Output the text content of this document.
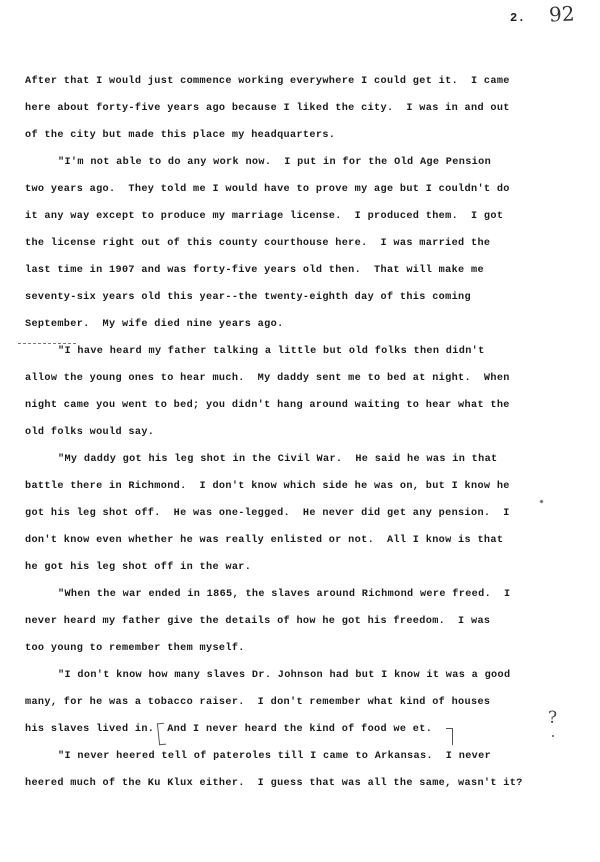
2. 92
After that I would just commence working everywhere I could get it.  I came
here about forty-five years ago because I liked the city.  I was in and out
of the city but made this place my headquarters.
"I'm not able to do any work now.  I put in for the Old Age Pension
two years ago.  They told me I would have to prove my age but I couldn't do
it any way except to produce my marriage license.  I produced them.  I got
the license right out of this county courthouse here.  I was married the
last time in 1907 and was forty-five years old then.  That will make me
seventy-six years old this year--the twenty-eighth day of this coming
September.  My wife died nine years ago.
"I have heard my father talking a little but old folks then didn't
allow the young ones to hear much.  My daddy sent me to bed at night.  When
night came you went to bed; you didn't hang around waiting to hear what the
old folks would say.
"My daddy got his leg shot in the Civil War.  He said he was in that
battle there in Richmond.  I don't know which side he was on, but I know he
got his leg shot off.  He was one-legged.  He never did get any pension.  I
don't know even whether he was really enlisted or not.  All I know is that
he got his leg shot off in the war.
"When the war ended in 1865, the slaves around Richmond were freed.  I
never heard my father give the details of how he got his freedom.  I was
too young to remember them myself.
"I don't know how many slaves Dr. Johnson had but I know it was a good
many, for he was a tobacco raiser.  I don't remember what kind of houses
his slaves lived in.  And I never heard the kind of food we et.
"I never heered tell of pateroles till I came to Arkansas.  I never
heered much of the Ku Klux either.  I guess that was all the same, wasn't it?
?
